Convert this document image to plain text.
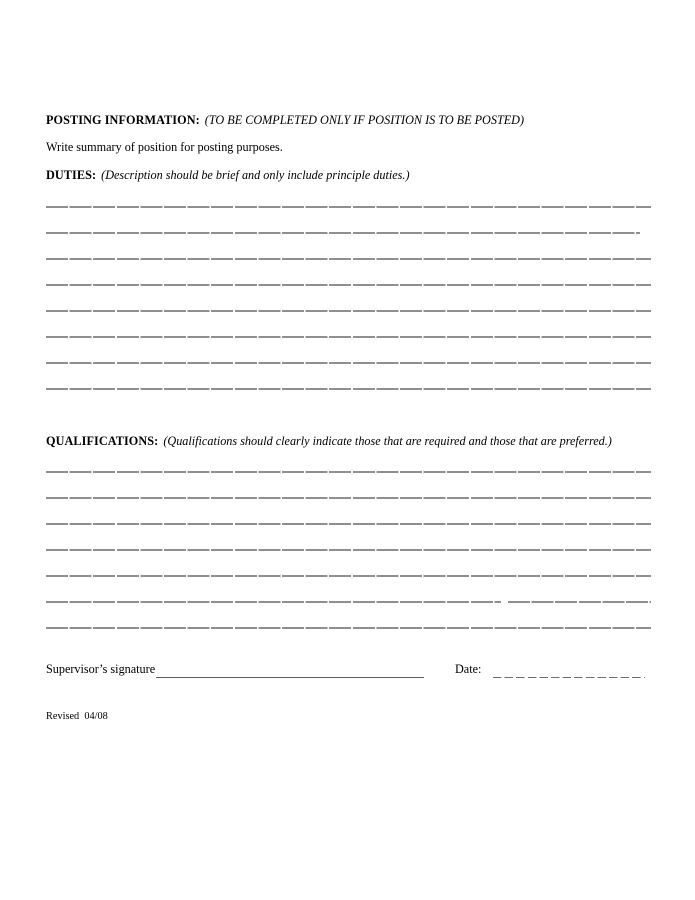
POSTING INFORMATION: (TO BE COMPLETED ONLY IF POSITION IS TO BE POSTED)

Write summary of position for posting purposes.

DUTIES: (Description should be brief and only include principle duties.)

QUALIFICATIONS: (Qualifications should clearly indicate those that are required and those that are preferred.)

Supervisor’s signature	Date:
Revised  04/08
